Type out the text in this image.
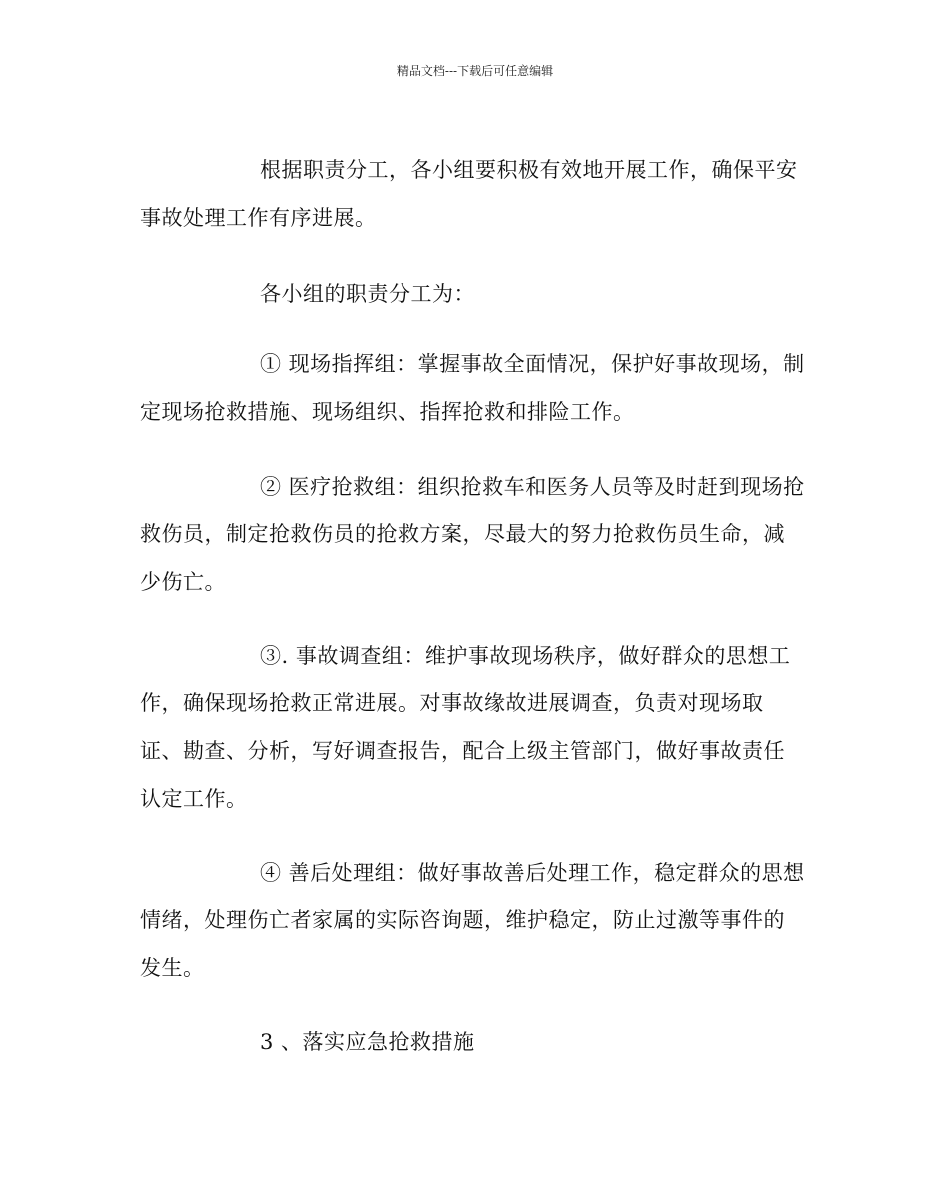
精品文档---下载后可任意编辑
根据职责分工，各小组要积极有效地开展工作，确保平安
事故处理工作有序进展。
各小组的职责分工为：
① 现场指挥组：掌握事故全面情况，保护好事故现场，制
定现场抢救措施、现场组织、指挥抢救和排险工作。
② 医疗抢救组：组织抢救车和医务人员等及时赶到现场抢
救伤员，制定抢救伤员的抢救方案，尽最大的努力抢救伤员生命，减
少伤亡。
③. 事故调查组：维护事故现场秩序，做好群众的思想工
作，确保现场抢救正常进展。对事故缘故进展调查，负责对现场取
证、勘查、分析，写好调查报告，配合上级主管部门，做好事故责任
认定工作。
④ 善后处理组：做好事故善后处理工作，稳定群众的思想
情绪，处理伤亡者家属的实际咨询题，维护稳定，防止过激等事件的
发生。
3 、落实应急抢救措施
